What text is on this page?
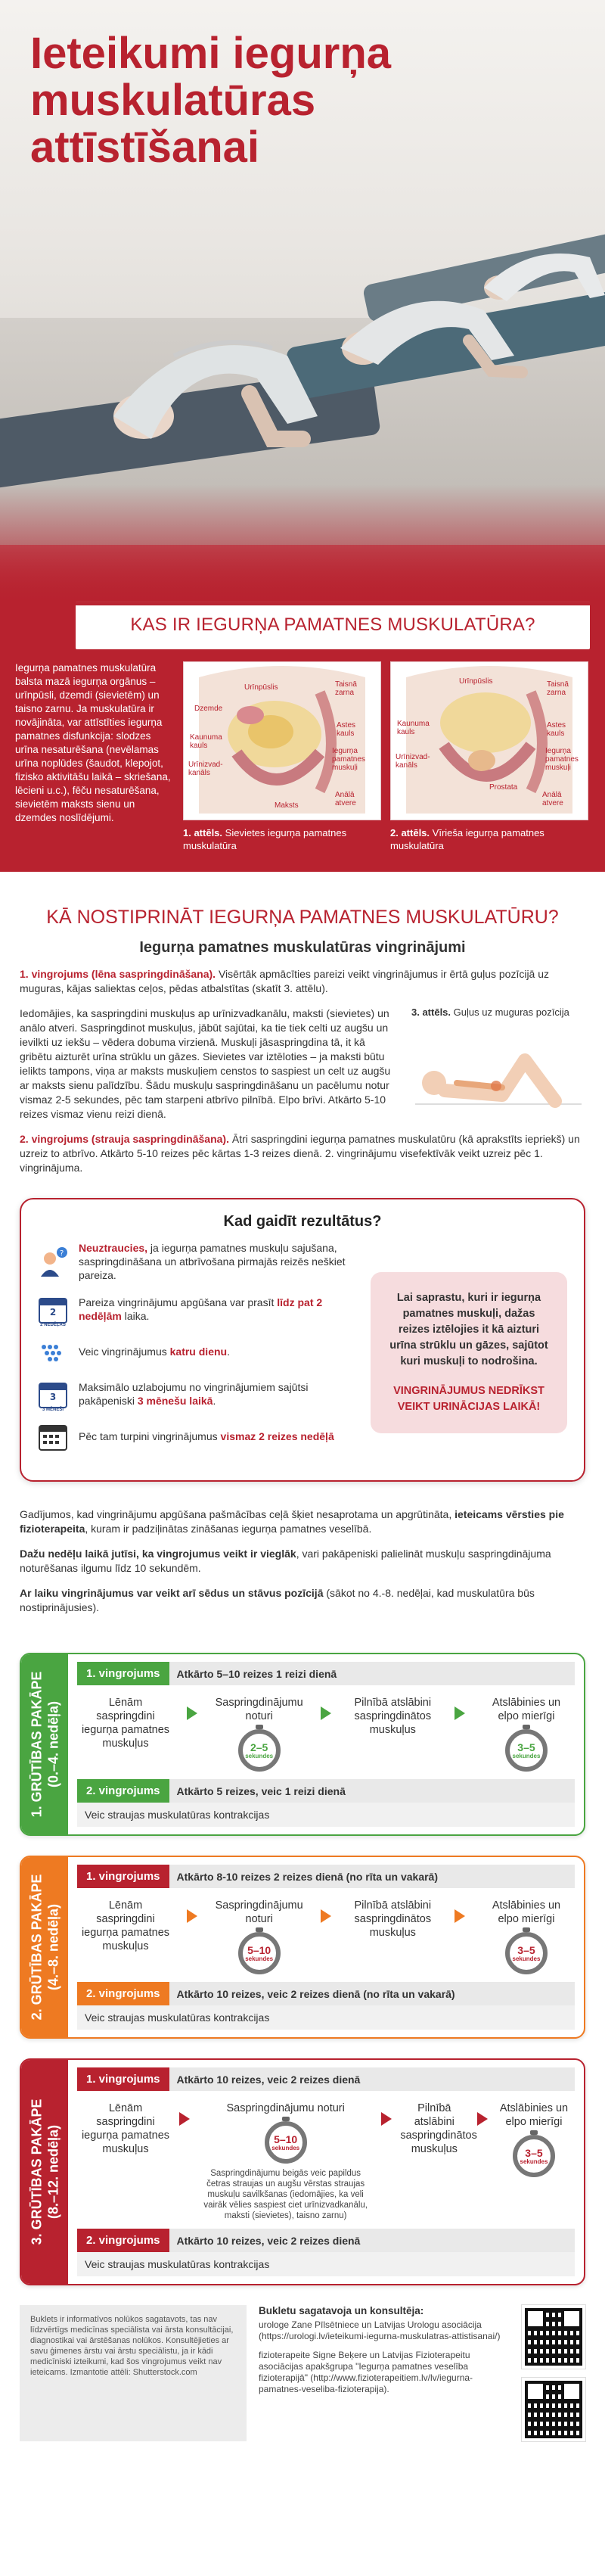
Ieteikumi iegurņa
muskulatūras
attīstīšanai
KAS IR IEGURŅA PAMATNES MUSKULATŪRA?
Iegurņa pamatnes muskulatūra balsta mazā iegurņa orgānus – urīnpūsli, dzemdi (sievietēm) un taisno zarnu. Ja muskulatūra ir novājināta, var attīstīties iegurņa pamatnes disfunkcija: slodzes urīna nesaturēšana (nevēlamas urīna noplūdes (šaudot, klepojot, fizisko aktivitāšu laikā – skriešana, lēcieni u.c.), fēču nesaturēšana, sievietēm maksts sienu un dzemdes noslīdējumi.
Urīnpūslis	Taisnā zarna
Dzemde
Kaunuma kauls
Astes kauls
Urīnizvad-kanāls
Iegurņa pamatnes muskuļi
Maksts
Anālā atvere
1. attēls. Sievietes iegurņa pamatnes muskulatūra
Urīnpūslis	Taisnā zarna
Kaunuma kauls
Astes kauls
Urīnizvad-kanāls
Iegurņa pamatnes muskuļi
Prostata
Anālā atvere
2. attēls. Vīrieša iegurņa pamatnes muskulatūra
KĀ NOSTIPRINĀT IEGURŅA PAMATNES MUSKULATŪRU?
Iegurņa pamatnes muskulatūras vingrinājumi
1. vingrojums (lēna saspringdināšana). Visērtāk apmācīties pareizi veikt vingrinājumus ir ērtā guļus pozīcijā uz muguras, kājas saliektas ceļos, pēdas atbalstītas (skatīt 3. attēlu).
Iedomājies, ka saspringdini muskuļus ap urīnizvadkanālu, maksti (sievietes) un anālo atveri. Saspringdinot muskuļus, jābūt sajūtai, ka tie tiek celti uz augšu un ievilkti uz iekšu – vēdera dobuma virzienā. Muskuļi jāsaspringdina tā, it kā gribētu aizturēt urīna strūklu un gāzes. Sievietes var iztēloties – ja maksti būtu ielikts tampons, viņa ar maksts muskuļiem censtos to saspiest un celt uz augšu ar maksts sienu palīdzību. Šādu muskuļu saspringdināšanu un pacēlumu notur vismaz 2-5 sekundes, pēc tam starpeni atbrīvo pilnībā. Elpo brīvi. Atkārto 5-10 reizes vismaz vienu reizi dienā.
3. attēls. Guļus uz muguras pozīcija
2. vingrojums (strauja saspringdināšana). Ātri saspringdini iegurņa pamatnes muskulatūru (kā aprakstīts iepriekš) un uzreiz to atbrīvo. Atkārto 5-10 reizes pēc kārtas 1-3 reizes dienā. 2. vingrinājumu visefektīvāk veikt uzreiz pēc 1. vingrinājuma.
Kad gaidīt rezultātus?
? Neuztraucies, ja iegurņa pamatnes muskuļu sajušana, saspringdināšana un atbrīvošana pirmajās reizēs neškiet pareiza.
2
2 NEDĒĻAS
Pareiza vingrinājumu apgūšana var prasīt līdz pat 2 nedēļām laika.
Veic vingrinājumus katru dienu.
3
3 MĒNEŠI
Maksimālo uzlabojumu no vingrinājumiem sajūtsi pakāpeniski 3 mēnešu laikā.
Pēc tam turpini vingrinājumus vismaz 2 reizes nedēļā
Lai saprastu, kuri ir iegurņa pamatnes muskuļi, dažas reizes iztēlojies it kā aizturi urīna strūklu un gāzes, sajūtot kuri muskuļi to nodrošina.
VINGRINĀJUMUS NEDRĪKST VEIKT URINĀCIJAS LAIKĀ!
Gadījumos, kad vingrinājumu apgūšana pašmācības ceļā šķiet nesaprotama un apgrūtināta, ieteicams vērsties pie fizioterapeita, kuram ir padziļinātas zināšanas iegurņa pamatnes veselībā.
Dažu nedēļu laikā jutīsi, ka vingrojumus veikt ir vieglāk, vari pakāpeniski palielināt muskuļu saspringdinājuma noturēšanas ilgumu līdz 10 sekundēm.
Ar laiku vingrinājumus var veikt arī sēdus un stāvus pozīcijā (sākot no 4.-8. nedēļai, kad muskulatūra būs nostiprinājusies).
1. GRŪTĪBAS PAKĀPE (0.–4. nedēļa)
1. vingrojums	Atkārto 5–10 reizes 1 reizi dienā
Lēnām saspringdini iegurņa pamatnes muskuļus
Saspringdinājumu noturi
2–5
sekundes
Pilnībā atslābini saspringdinātos muskuļus
Atslābinies un elpo mierīgi
3–5
sekundes
2. vingrojums	Atkārto 5 reizes, veic 1 reizi dienā
Veic straujas muskulatūras kontrakcijas
2. GRŪTĪBAS PAKĀPE (4.–8. nedēļa)
1. vingrojums	Atkārto 8-10 reizes 2 reizes dienā (no rīta un vakarā)
Lēnām saspringdini iegurņa pamatnes muskuļus
Saspringdinājumu noturi
5–10
sekundes
Pilnībā atslābini saspringdinātos muskuļus
Atslābinies un elpo mierīgi
3–5
sekundes
2. vingrojums	Atkārto 10 reizes, veic 2 reizes dienā (no rīta un vakarā)
Veic straujas muskulatūras kontrakcijas
3. GRŪTĪBAS PAKĀPE (8.–12. nedēļa)
1. vingrojums	Atkārto 10 reizes, veic 2 reizes dienā
Lēnām saspringdini iegurņa pamatnes muskuļus
Saspringdinājumu noturi
5–10
sekundes
Saspringdinājumu beigās veic papildus četras straujas un augšu vērstas straujas muskuļu savilkšanas (iedomājies, ka veli vairāk vēlies saspiest ciet urīnizvadkanālu, maksti (sievietes), taisno zarnu)
Pilnībā atslābini saspringdinātos muskuļus
Atslābinies un elpo mierīgi
3–5
sekundes
2. vingrojums	Atkārto 10 reizes, veic 2 reizes dienā
Veic straujas muskulatūras kontrakcijas
Buklets ir informatīvos nolūkos sagatavots, tas nav līdzvērtīgs medicīnas speciālista vai ārsta konsultācijai, diagnostikai vai ārstēšanas nolūkos. Konsultējieties ar savu ģimenes ārstu vai ārstu speciālistu, ja ir kādi medicīniski izteikumi, kad šos vingrojumus veikt nav ieteicams. Izmantotie attēli: Shutterstock.com
Bukletu sagatavoja un konsultēja:
urologe Zane Pīlsētniece un Latvijas Urologu asociācija (https://urologi.lv/ieteikumi-iegurna-muskulatras-attistisanai/)
fizioterapeite Signe Beķere un Latvijas Fizioterapeitu asociācijas apakšgrupa "Iegurņa pamatnes veselība fizioterapijā" (http://www.fizioterapeitiem.lv/lv/iegurna-pamatnes-veseliba-fizioterapija).
